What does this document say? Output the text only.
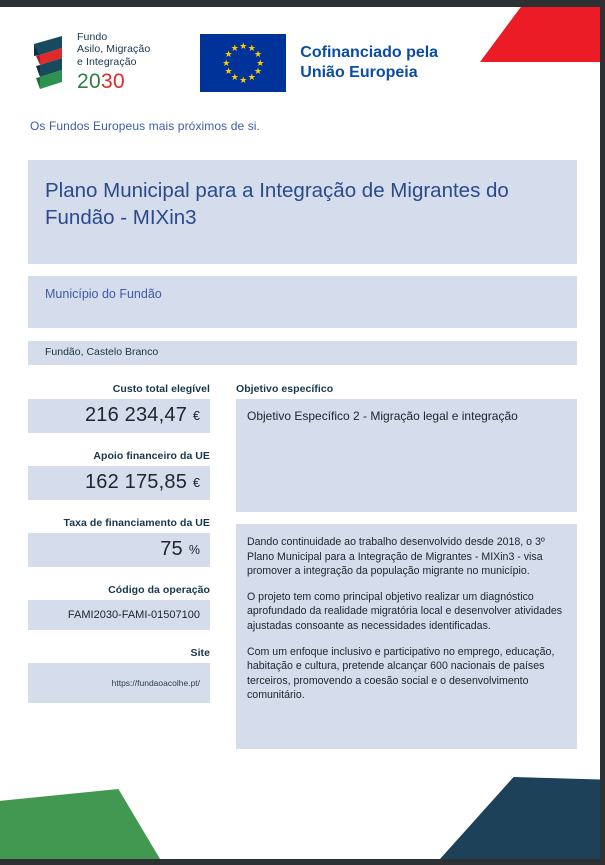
Fundo
Asilo, Migração
e Integração
2030
★ ★
★
★
★
★
★
★
★
★
★
★	Cofinanciado pela
União Europeia
Os Fundos Europeus mais próximos de si.
Plano Municipal para a Integração de Migrantes do Fundão - MIXin3
Município do Fundão
Fundão, Castelo Branco
Custo total elegível
216 234,47 €
Apoio financeiro da UE
162 175,85 €
Taxa de financiamento da UE
75 %
Código da operação
FAMI2030-FAMI-01507100
Site
https://fundaoacolhe.pt/
Objetivo específico
Objetivo Específico 2 - Migração legal e integração

Dando continuidade ao trabalho desenvolvido desde 2018, o 3º Plano Municipal para a Integração de Migrantes - MIXin3 - visa promover a integração da população migrante no município.

O projeto tem como principal objetivo realizar um diagnóstico aprofundado da realidade migratória local e desenvolver atividades ajustadas consoante as necessidades identificadas.

Com um enfoque inclusivo e participativo no emprego, educação, habitação e cultura, pretende alcançar 600 nacionais de países terceiros, promovendo a coesão social e o desenvolvimento comunitário.
